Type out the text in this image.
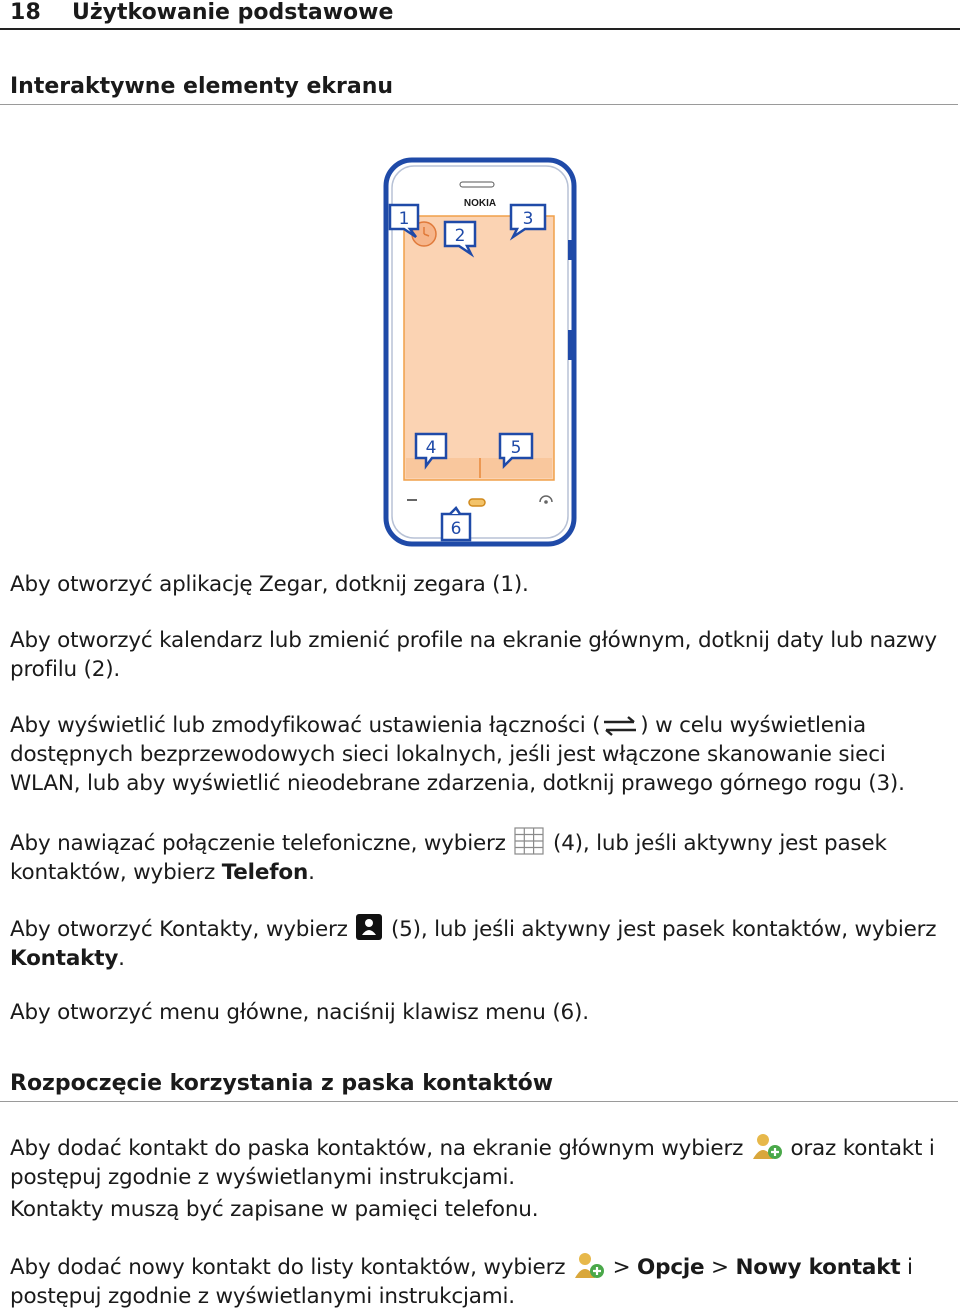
18 Użytkowanie podstawowe
Interaktywne elementy ekranu
NOKIA
1
2
3
4	5
6

Aby otworzyć aplikację Zegar, dotknij zegara (1).

Aby otworzyć kalendarz lub zmienić profile na ekranie głównym, dotknij daty lub nazwy profilu (2).

Aby wyświetlić lub zmodyfikować ustawienia łączności ( ) w celu wyświetlenia dostępnych bezprzewodowych sieci lokalnych, jeśli jest włączone skanowanie sieci WLAN, lub aby wyświetlić nieodebrane zdarzenia, dotknij prawego górnego rogu (3).

Aby nawiązać połączenie telefoniczne, wybierz  (4), lub jeśli aktywny jest pasek kontaktów, wybierz Telefon.

Aby otworzyć Kontakty, wybierz  (5), lub jeśli aktywny jest pasek kontaktów, wybierz Kontakty.

Aby otworzyć menu główne, naciśnij klawisz menu (6).

Rozpoczęcie korzystania z paska kontaktów

Aby dodać kontakt do paska kontaktów, na ekranie głównym wybierz  oraz kontakt i postępuj zgodnie z wyświetlanymi instrukcjami.

Kontakty muszą być zapisane w pamięci telefonu.

Aby dodać nowy kontakt do listy kontaktów, wybierz  > Opcje > Nowy kontakt i postępuj zgodnie z wyświetlanymi instrukcjami.
